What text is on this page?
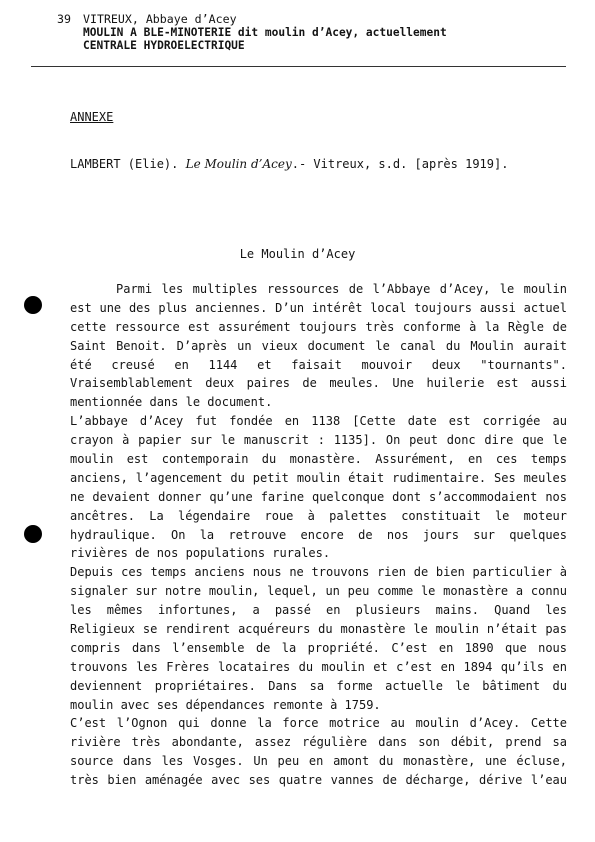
39 VITREUX, Abbaye d’Acey
MOULIN A BLE-MINOTERIE dit moulin d’Acey, actuellement
CENTRALE HYDROELECTRIQUE
ANNEXE
LAMBERT (Elie). Le Moulin d’Acey.- Vitreux, s.d. [après 1919].
Le Moulin d’Acey
Parmi les multiples ressources de l’Abbaye d’Acey, le moulin
est une des plus anciennes. D’un intérêt local toujours aussi actuel
cette ressource est assurément toujours très conforme à la Règle de
Saint Benoit. D’après un vieux document le canal du Moulin aurait
été creusé en 1144 et faisait mouvoir deux "tournants".
Vraisemblablement deux paires de meules. Une huilerie est aussi
mentionnée dans le document.
L’abbaye d’Acey fut fondée en 1138 [Cette date est corrigée au
crayon à papier sur le manuscrit : 1135]. On peut donc dire que le
moulin est contemporain du monastère. Assurément, en ces temps
anciens, l’agencement du petit moulin était rudimentaire. Ses meules
ne devaient donner qu’une farine quelconque dont s’accommodaient nos
ancêtres. La légendaire roue à palettes constituait le moteur
hydraulique. On la retrouve encore de nos jours sur quelques
rivières de nos populations rurales.
Depuis ces temps anciens nous ne trouvons rien de bien particulier à
signaler sur notre moulin, lequel, un peu comme le monastère a connu
les mêmes infortunes, a passé en plusieurs mains. Quand les
Religieux se rendirent acquéreurs du monastère le moulin n’était pas
compris dans l’ensemble de la propriété. C’est en 1890 que nous
trouvons les Frères locataires du moulin et c’est en 1894 qu’ils en
deviennent propriétaires. Dans sa forme actuelle le bâtiment du
moulin avec ses dépendances remonte à 1759.
C’est l’Ognon qui donne la force motrice au moulin d’Acey. Cette
rivière très abondante, assez régulière dans son débit, prend sa
source dans les Vosges. Un peu en amont du monastère, une écluse,
très bien aménagée avec ses quatre vannes de décharge, dérive l’eau
